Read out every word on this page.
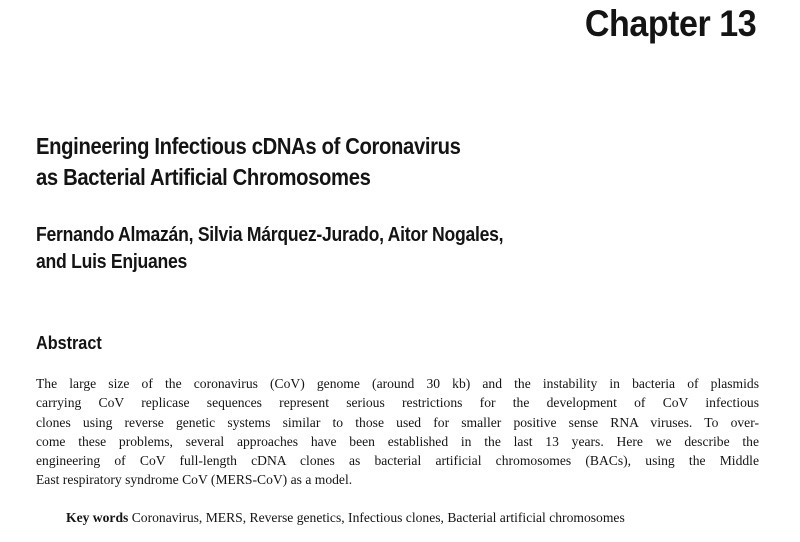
Chapter 13
Engineering Infectious cDNAs of Coronavirus
as Bacterial Artificial Chromosomes
Fernando Almazán, Silvia Márquez-Jurado, Aitor Nogales,
and Luis Enjuanes
Abstract
The large size of the coronavirus (CoV) genome (around 30 kb) and the instability in bacteria of plasmids
carrying CoV replicase sequences represent serious restrictions for the development of CoV infectious
clones using reverse genetic systems similar to those used for smaller positive sense RNA viruses. To over-
come these problems, several approaches have been established in the last 13 years. Here we describe the
engineering of CoV full-length cDNA clones as bacterial artificial chromosomes (BACs), using the Middle
East respiratory syndrome CoV (MERS-CoV) as a model.
Key words Coronavirus, MERS, Reverse genetics, Infectious clones, Bacterial artificial chromosomes
